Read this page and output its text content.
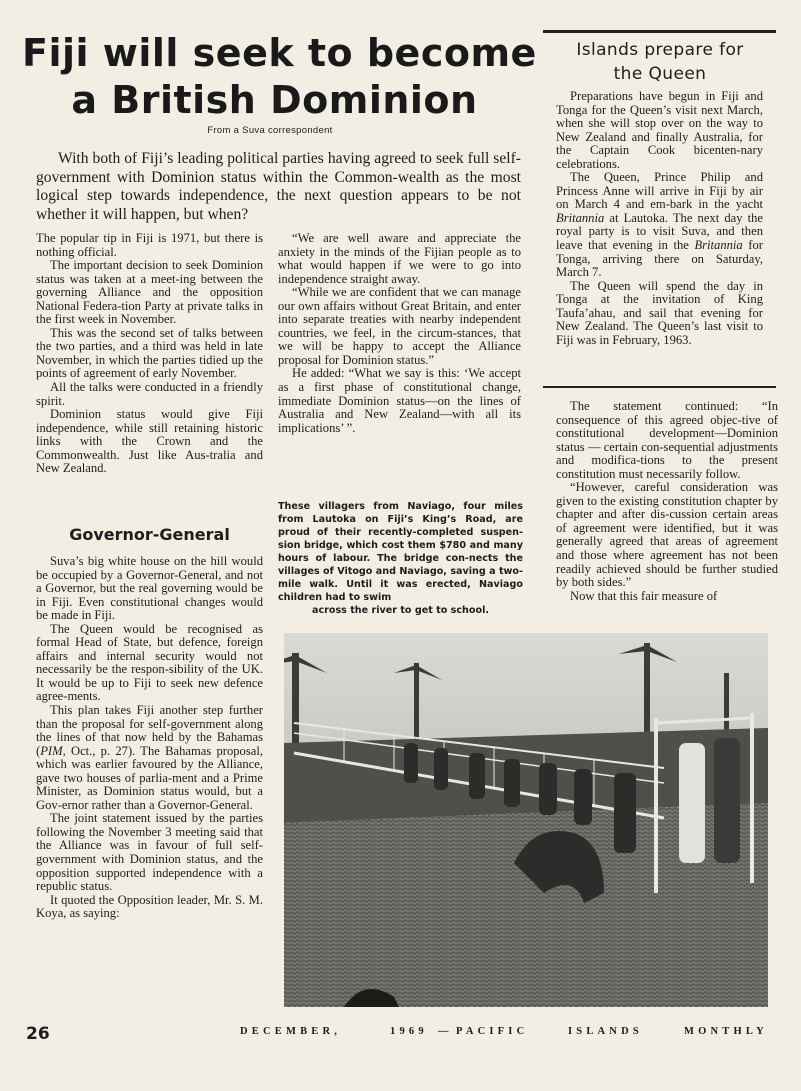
Fiji will seek to become
a British Dominion
From a Suva correspondent
With both of Fiji’s leading political parties having agreed to seek full self-government with Dominion status within the Common-wealth as the most logical step towards independence, the next question appears to be not whether it will happen, but when?

The popular tip in Fiji is 1971, but there is nothing official.

The important decision to seek Dominion status was taken at a meet-ing between the governing Alliance and the opposition National Federa-tion Party at private talks in the first week in November.

This was the second set of talks between the two parties, and a third was held in late November, in which the parties tidied up the points of agreement of early November.

All the talks were conducted in a friendly spirit.

Dominion status would give Fiji independence, while still retaining historic links with the Crown and the Commonwealth. Just like Aus-tralia and New Zealand.

Governor-General

Suva’s big white house on the hill would be occupied by a Governor-General, and not a Governor, but the real governing would be in Fiji. Even constitutional changes would be made in Fiji.

The Queen would be recognised as formal Head of State, but defence, foreign affairs and internal security would not necessarily be the respon-sibility of the UK. It would be up to Fiji to seek new defence agree-ments.

This plan takes Fiji another step further than the proposal for self-government along the lines of that now held by the Bahamas (PIM, Oct., p. 27). The Bahamas proposal, which was earlier favoured by the Alliance, gave two houses of parlia-ment and a Prime Minister, as Dominion status would, but a Gov-ernor rather than a Governor-General.

The joint statement issued by the parties following the November 3 meeting said that the Alliance was in favour of full self-government with Dominion status, and the opposition supported independence with a republic status.

It quoted the Opposition leader, Mr. S. M. Koya, as saying:

“We are well aware and appreciate the anxiety in the minds of the Fijian people as to what would happen if we were to go into independence straight away.

“While we are confident that we can manage our own affairs without Great Britain, and enter into separate treaties with nearby independent countries, we feel, in the circum-stances, that we will be happy to accept the Alliance proposal for Dominion status.”

He added: “What we say is this: ‘We accept as a first phase of constitutional change, immediate Dominion status—on the lines of Australia and New Zealand—with all its implications’ ”.

These villagers from Naviago, four miles from Lautoka on Fiji’s King’s Road, are proud of their recently-completed suspen-sion bridge, which cost them $780 and many hours of labour. The bridge con-nects the villages of Vitogo and Naviago, saving a two-mile walk. Until it was erected, Naviago children had to swim
across the river to get to school.
Islands prepare for
the Queen

Preparations have begun in Fiji and Tonga for the Queen’s visit next March, when she will stop over on the way to New Zealand and finally Australia, for the Captain Cook bicenten-nary celebrations.

The Queen, Prince Philip and Princess Anne will arrive in Fiji by air on March 4 and em-bark in the yacht Britannia at Lautoka. The next day the royal party is to visit Suva, and then leave that evening in the Britannia for Tonga, arriving there on Saturday, March 7.

The Queen will spend the day in Tonga at the invitation of King Taufa’ahau, and sail that evening for New Zealand. The Queen’s last visit to Fiji was in February, 1963.

The statement continued: “In consequence of this agreed objec-tive of constitutional development—Dominion status — certain con-sequential adjustments and modifica-tions to the present constitution must necessarily follow.

“However, careful consideration was given to the existing constitution chapter by chapter and after dis-cussion certain areas of agreement were identified, but it was generally agreed that areas of agreement and those where agreement has not been readily achieved should be further studied by both sides.”

Now that this fair measure of

26	DECEMBER,	1969 — PACIFIC	ISLANDS	MONTHLY
